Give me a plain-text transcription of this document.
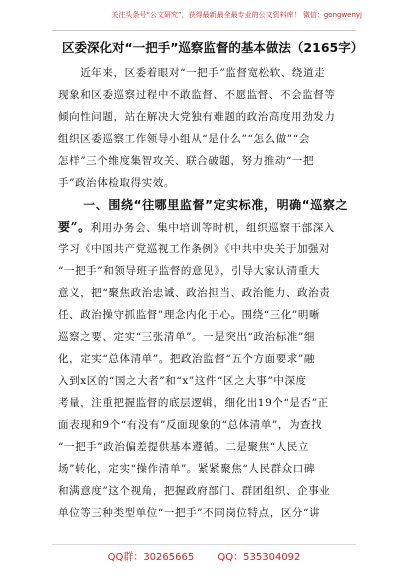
关注头条号“公文研究”，获得最新最全最专业的公文资料库！ 微信：gongwenyj
区委深化对“一把手”巡察监督的基本做法（2165字）
　　近年来，区委着眼对“一把手”监督宽松软、绕道走
现象和区委巡察过程中不敢监督、不愿监督、不会监督等
倾向性问题，站在解决大党独有难题的政治高度用劲发力
组织区委巡察工作领导小组从“是什么”“怎么做”“会
怎样”三个维度集智攻关、联合破题，努力推动“一把
手”政治体检取得实效。
　　一、围绕“往哪里监督”定实标准，明确“巡察之
要”。利用办务会、集中培训等时机，组织巡察干部深入
学习《中国共产党巡视工作条例》《中共中央关于加强对
“一把手”和领导班子监督的意见》，引导大家认清重大
意义，把“聚焦政治忠诚、政治担当、政治能力、政治责
任、政治操守抓监督”理念内化于心。围绕“三化”明晰
巡察之要、定实“三张清单”。一是突出“政治标准”细
化，定实“总体清单”。把政治监督“五个方面要求”融
入到x区的“国之大者”和“x”这件“区之大事”中深度
考量，注重把握监督的底层逻辑，细化出19个“是否”正
面表现和9个“有没有”反面现象的“总体清单”，为查找
“一把手”政治偏差提供基本遵循。二是聚焦“人民立
场”转化，定实“操作清单”。紧紧聚焦“人民群众口碑
和满意度”这个视角，把握政府部门、群团组织、企事业
单位等三种类型单位“一把手”不同岗位特点，区分“讲
QQ群：30265665 QQ：535304092
